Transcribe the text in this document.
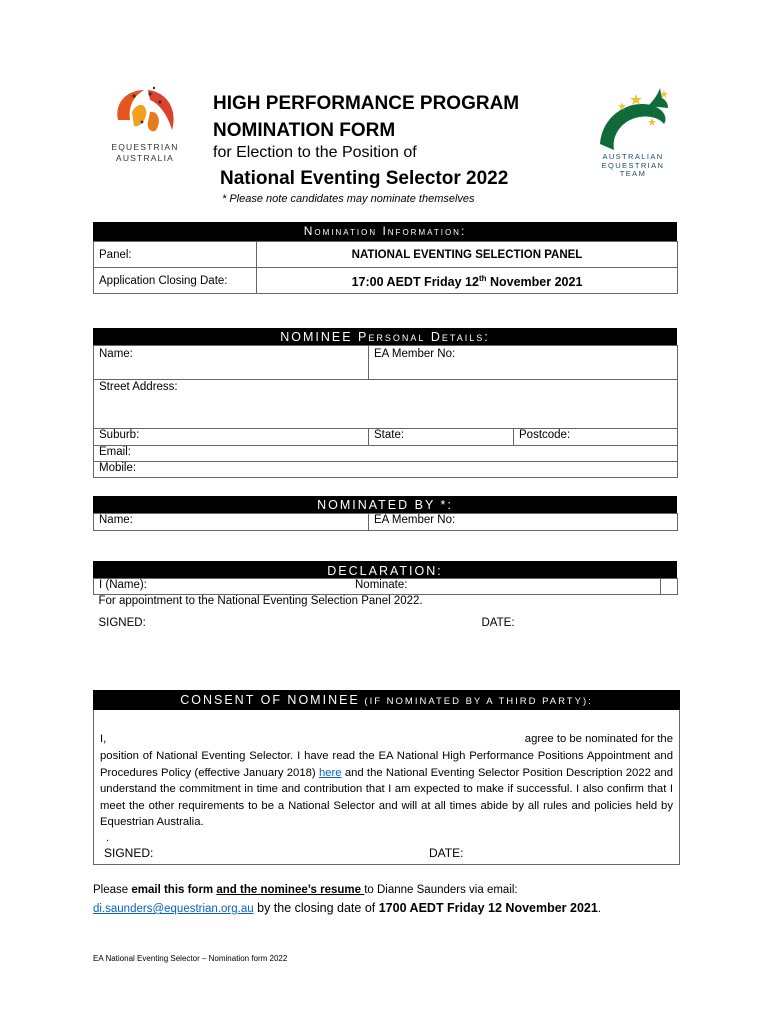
EQUESTRIAN
AUSTRALIA	AUSTRALIAN
EQUESTRIAN
TEAM
HIGH PERFORMANCE PROGRAM
NOMINATION FORM
for Election to the Position of
National Eventing Selector 2022
* Please note candidates may nominate themselves
Nomination Information:
Panel:	NATIONAL EVENTING SELECTION PANEL
Application Closing Date:	17:00 AEDT Friday 12th November 2021
NOMINEE Personal Details:
Name:	EA Member No:	
Street Address:		
Suburb:	State:	Postcode:
Email:		
Mobile:		
NOMINATED BY *:
Name:	EA Member No:
DECLARATION:
I (Name):	Nominate:	

For appointment to the National Eventing Selection Panel 2022.
SIGNED:	DATE:
CONSENT OF NOMINEE (IF NOMINATED BY A THIRD PARTY):
I,	agree to be nominated for the
position of National Eventing Selector. I have read the EA National High Performance Positions Appointment and Procedures Policy (effective January 2018) here and the National Eventing Selector Position Description 2022 and understand the commitment in time and contribution that I am expected to make if successful. I also confirm that I meet the other requirements to be a National Selector and will at all times abide by all rules and policies held by Equestrian Australia.
.
SIGNED:	DATE:
Please email this form and the nominee’s resume to Dianne Saunders via email:
di.saunders@equestrian.org.au by the closing date of 1700 AEDT Friday 12 November 2021.
EA National Eventing Selector – Nomination form 2022
